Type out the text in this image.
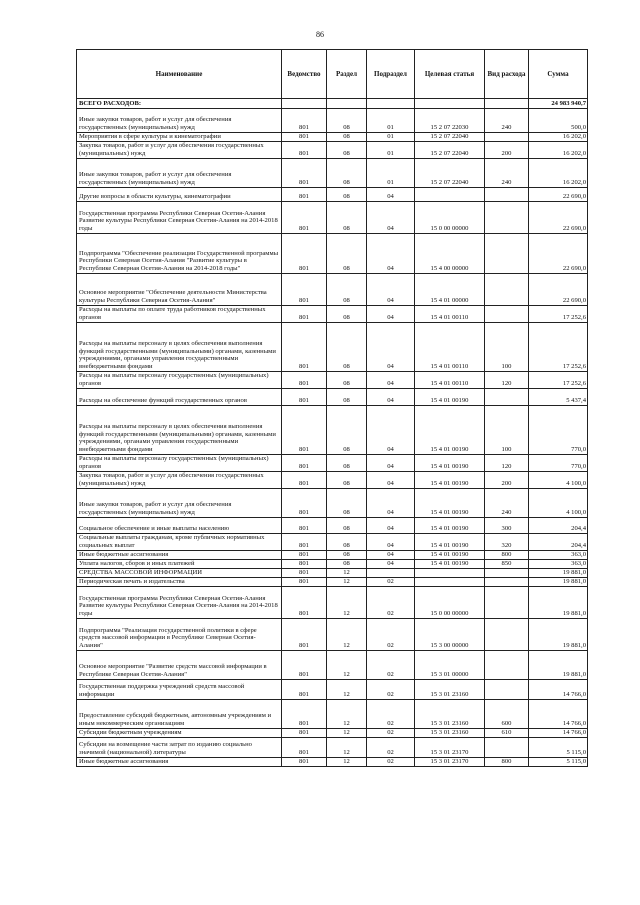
86
Наименование	Ведомство	Раздел	Подраздел	Целевая статья	Вид расхода	Сумма
ВСЕГО РАСХОДОВ:						24 983 940,7
Иные закупки товаров, работ и услуг для обеспечения государственных (муниципальных) нужд	801	08	01	15 2 07 22030	240	500,0
Мероприятия в сфере культуры и кинематографии	801	08	01	15 2 07 22040		16 202,0
Закупка товаров, работ и услуг для обеспечения государственных (муниципальных) нужд	801	08	01	15 2 07 22040	200	16 202,0
Иные закупки товаров, работ и услуг для обеспечения государственных (муниципальных) нужд	801	08	01	15 2 07 22040	240	16 202,0
Другие вопросы в области культуры, кинематографии	801	08	04			22 690,0
Государственная программа Республики Северная Осетия-Алания Развитие культуры Республики Северная Осетия-Алания на 2014-2018 годы	801	08	04	15 0 00 00000		22 690,0
Подпрограмма "Обеспечение реализации Государственной программы Республики Северная Осетия-Алания "Развитие культуры в Республике Северная Осетия-Алания на 2014-2018 годы"	801	08	04	15 4 00 00000		22 690,0
Основное мероприятие "Обеспечение деятельности Министерства культуры Республики Северная Осетия-Алания"	801	08	04	15 4 01 00000		22 690,0
Расходы на выплаты по оплате труда работников государственных органов	801	08	04	15 4 01 00110		17 252,6
Расходы на выплаты персоналу в целях обеспечения выполнения функций государственными (муниципальными) органами, казенными учреждениями, органами управления государственными внебюджетными фондами	801	08	04	15 4 01 00110	100	17 252,6
Расходы на выплаты персоналу государственных (муниципальных) органов	801	08	04	15 4 01 00110	120	17 252,6
Расходы на обеспечение функций государственных органов	801	08	04	15 4 01 00190		5 437,4
Расходы на выплаты персоналу в целях обеспечения выполнения функций государственными (муниципальными) органами, казенными учреждениями, органами управления государственными внебюджетными фондами	801	08	04	15 4 01 00190	100	770,0
Расходы на выплаты персоналу государственных (муниципальных) органов	801	08	04	15 4 01 00190	120	770,0
Закупка товаров, работ и услуг для обеспечения государственных (муниципальных) нужд	801	08	04	15 4 01 00190	200	4 100,0
Иные закупки товаров, работ и услуг для обеспечения государственных (муниципальных) нужд	801	08	04	15 4 01 00190	240	4 100,0
Социальное обеспечение и иные выплаты населению	801	08	04	15 4 01 00190	300	204,4
Социальные выплаты гражданам, кроме публичных нормативных социальных выплат	801	08	04	15 4 01 00190	320	204,4
Иные бюджетные ассигнования	801	08	04	15 4 01 00190	800	363,0
Уплата налогов, сборов и иных платежей	801	08	04	15 4 01 00190	850	363,0
СРЕДСТВА МАССОВОЙ ИНФОРМАЦИИ	801	12				19 881,0
Периодическая печать и издательства	801	12	02			19 881,0
Государственная программа Республики Северная Осетия-Алания Развитие культуры Республики Северная Осетия-Алания на 2014-2018 годы	801	12	02	15 0 00 00000		19 881,0
Подпрограмма "Реализация государственной политики в сфере средств массовой информации в Республике Северная Осетия-Алания"	801	12	02	15 3 00 00000		19 881,0
Основное мероприятие "Развитие средств массовой информации в Республике Северная Осетия-Алания"	801	12	02	15 3 01 00000		19 881,0
Государственная поддержка учреждений средств массовой информации	801	12	02	15 3 01 23160		14 766,0
Предоставление субсидий бюджетным, автономным учреждениям и иным некоммерческим организациям	801	12	02	15 3 01 23160	600	14 766,0
Субсидии бюджетным учреждениям	801	12	02	15 3 01 23160	610	14 766,0
Субсидии на возмещение части затрат по изданию социально значимой (национальной) литературы	801	12	02	15 3 01 23170		5 115,0
Иные бюджетные ассигнования	801	12	02	15 3 01 23170	800	5 115,0
